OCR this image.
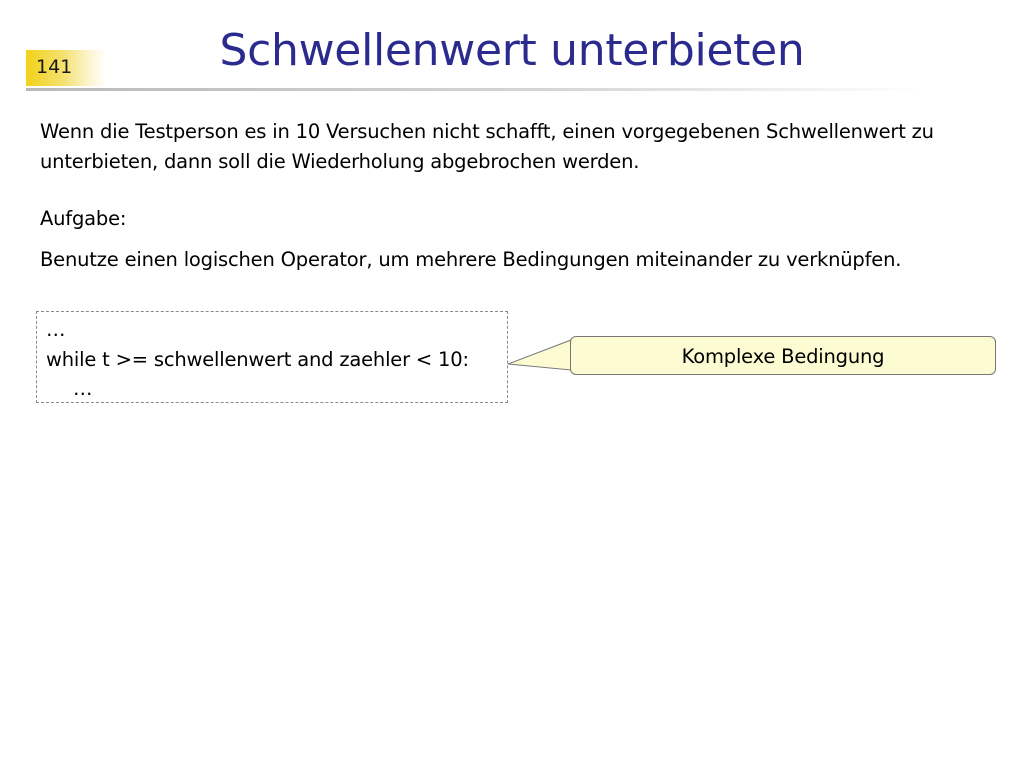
141	Schwellenwert unterbieten
Wenn die Testperson es in 10 Versuchen nicht schafft, einen vorgegebenen Schwellenwert zu unterbieten, dann soll die Wiederholung abgebrochen werden.
Aufgabe:
Benutze einen logischen Operator, um mehrere Bedingungen miteinander zu verknüpfen.
…
while t >= schwellenwert and zaehler < 10:
…
Komplexe Bedingung
